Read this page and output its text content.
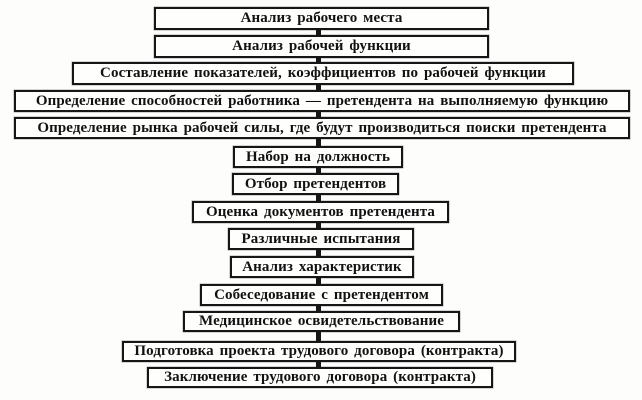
Анализ рабочего места
Анализ рабочей функции
Составление показателей, коэффициентов по рабочей функции
Определение способностей работника — претендента на выполняемую функцию
Определение рынка рабочей силы, где будут производиться поиски претендента
Набор на должность
Отбор претендентов
Оценка документов претендента
Различные испытания
Анализ характеристик
Собеседование с претендентом
Медицинское освидетельствование
Подготовка проекта трудового договора (контракта)
Заключение трудового договора (контракта)
